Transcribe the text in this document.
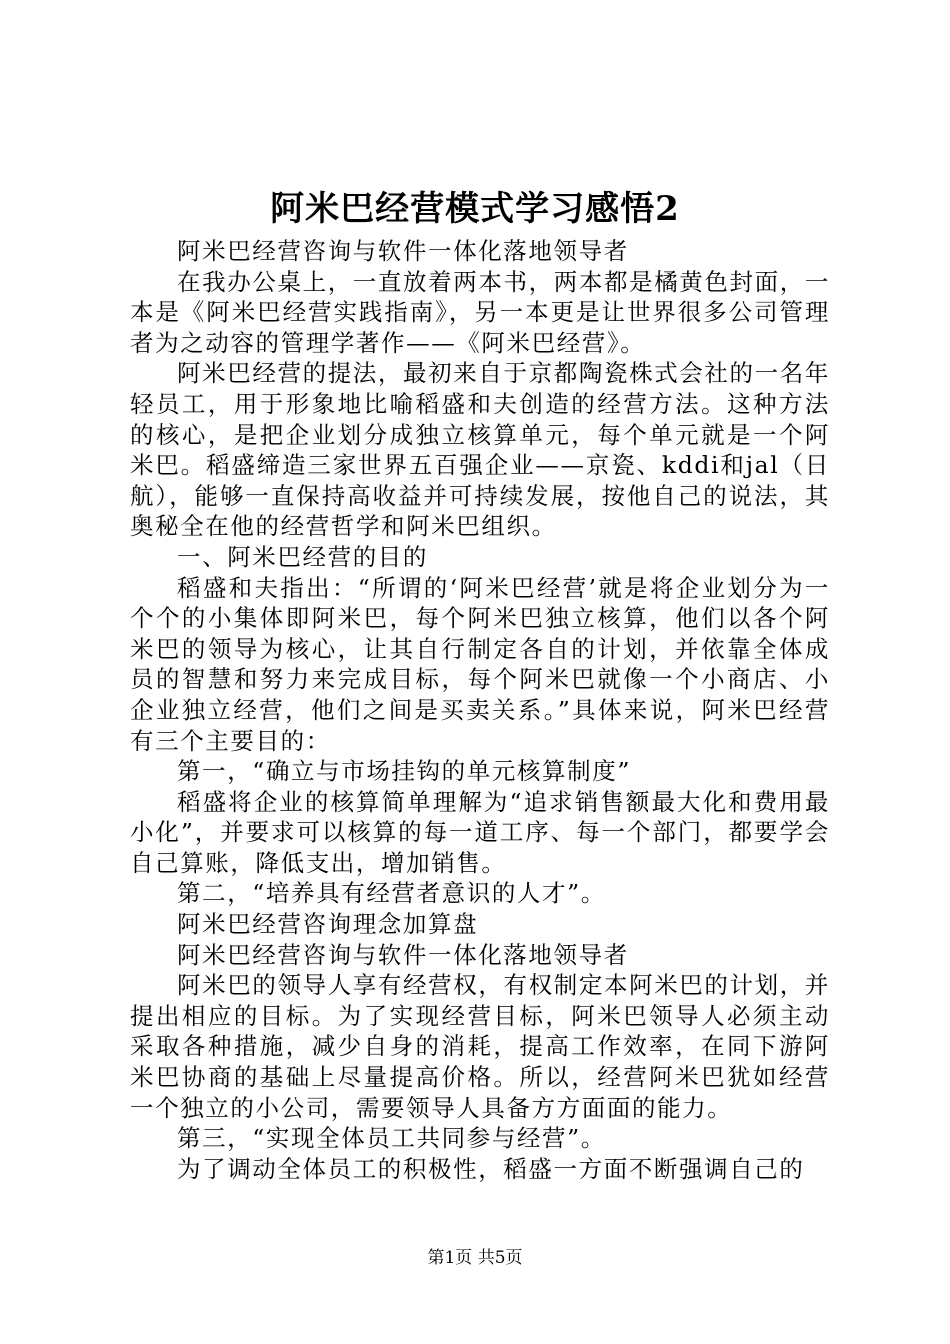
阿米巴经营模式学习感悟2

阿米巴经营咨询与软件一体化落地领导者

在我办公桌上，一直放着两本书，两本都是橘黄色封面，一本是《阿米巴经营实践指南》，另一本更是让世界很多公司管理者为之动容的管理学著作——《阿米巴经营》。

阿米巴经营的提法，最初来自于京都陶瓷株式会社的一名年轻员工，用于形象地比喻稻盛和夫创造的经营方法。这种方法的核心，是把企业划分成独立核算单元，每个单元就是一个阿米巴。稻盛缔造三家世界五百强企业——京瓷、kddi和jal（日航），能够一直保持高收益并可持续发展，按他自己的说法，其奥秘全在他的经营哲学和阿米巴组织。

一、阿米巴经营的目的

稻盛和夫指出：“所谓的‘阿米巴经营’就是将企业划分为一个个的小集体即阿米巴，每个阿米巴独立核算，他们以各个阿米巴的领导为核心，让其自行制定各自的计划，并依靠全体成员的智慧和努力来完成目标，每个阿米巴就像一个小商店、小企业独立经营，他们之间是买卖关系。”具体来说，阿米巴经营有三个主要目的：

第一，“确立与市场挂钩的单元核算制度”

稻盛将企业的核算简单理解为“追求销售额最大化和费用最小化”，并要求可以核算的每一道工序、每一个部门，都要学会自己算账，降低支出，增加销售。

第二，“培养具有经营者意识的人才”。

阿米巴经营咨询理念加算盘

阿米巴经营咨询与软件一体化落地领导者

阿米巴的领导人享有经营权，有权制定本阿米巴的计划，并提出相应的目标。为了实现经营目标，阿米巴领导人必须主动采取各种措施，减少自身的消耗，提高工作效率，在同下游阿米巴协商的基础上尽量提高价格。所以，经营阿米巴犹如经营一个独立的小公司，需要领导人具备方方面面的能力。

第三，“实现全体员工共同参与经营”。

为了调动全体员工的积极性，稻盛一方面不断强调自己的

第1页 共5页
